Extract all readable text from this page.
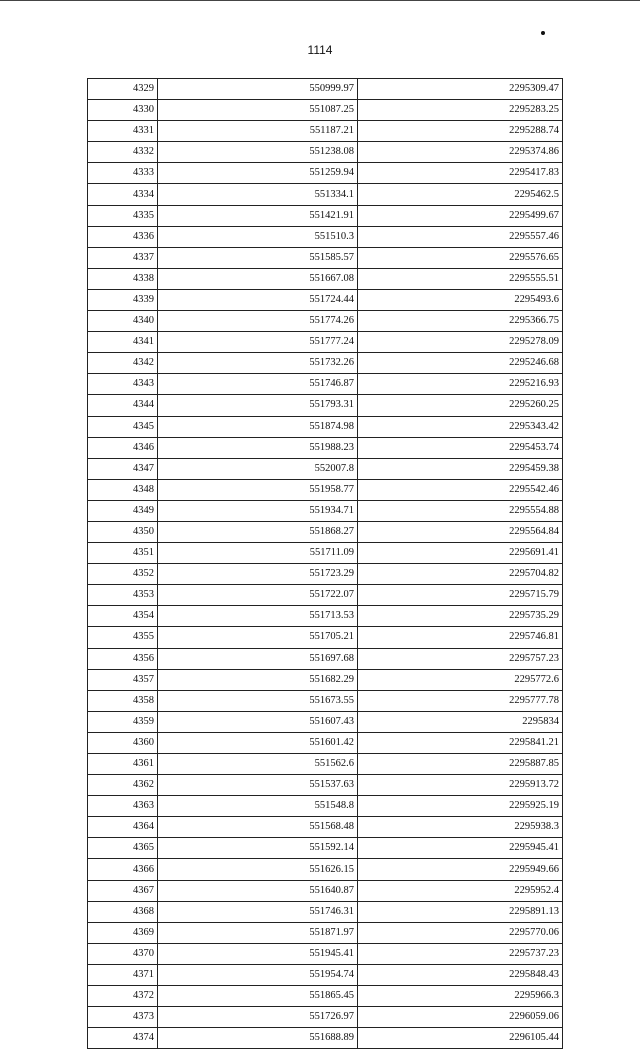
1114
4329	550999.97	2295309.47
4330	551087.25	2295283.25
4331	551187.21	2295288.74
4332	551238.08	2295374.86
4333	551259.94	2295417.83
4334	551334.1	2295462.5
4335	551421.91	2295499.67
4336	551510.3	2295557.46
4337	551585.57	2295576.65
4338	551667.08	2295555.51
4339	551724.44	2295493.6
4340	551774.26	2295366.75
4341	551777.24	2295278.09
4342	551732.26	2295246.68
4343	551746.87	2295216.93
4344	551793.31	2295260.25
4345	551874.98	2295343.42
4346	551988.23	2295453.74
4347	552007.8	2295459.38
4348	551958.77	2295542.46
4349	551934.71	2295554.88
4350	551868.27	2295564.84
4351	551711.09	2295691.41
4352	551723.29	2295704.82
4353	551722.07	2295715.79
4354	551713.53	2295735.29
4355	551705.21	2295746.81
4356	551697.68	2295757.23
4357	551682.29	2295772.6
4358	551673.55	2295777.78
4359	551607.43	2295834
4360	551601.42	2295841.21
4361	551562.6	2295887.85
4362	551537.63	2295913.72
4363	551548.8	2295925.19
4364	551568.48	2295938.3
4365	551592.14	2295945.41
4366	551626.15	2295949.66
4367	551640.87	2295952.4
4368	551746.31	2295891.13
4369	551871.97	2295770.06
4370	551945.41	2295737.23
4371	551954.74	2295848.43
4372	551865.45	2295966.3
4373	551726.97	2296059.06
4374	551688.89	2296105.44
